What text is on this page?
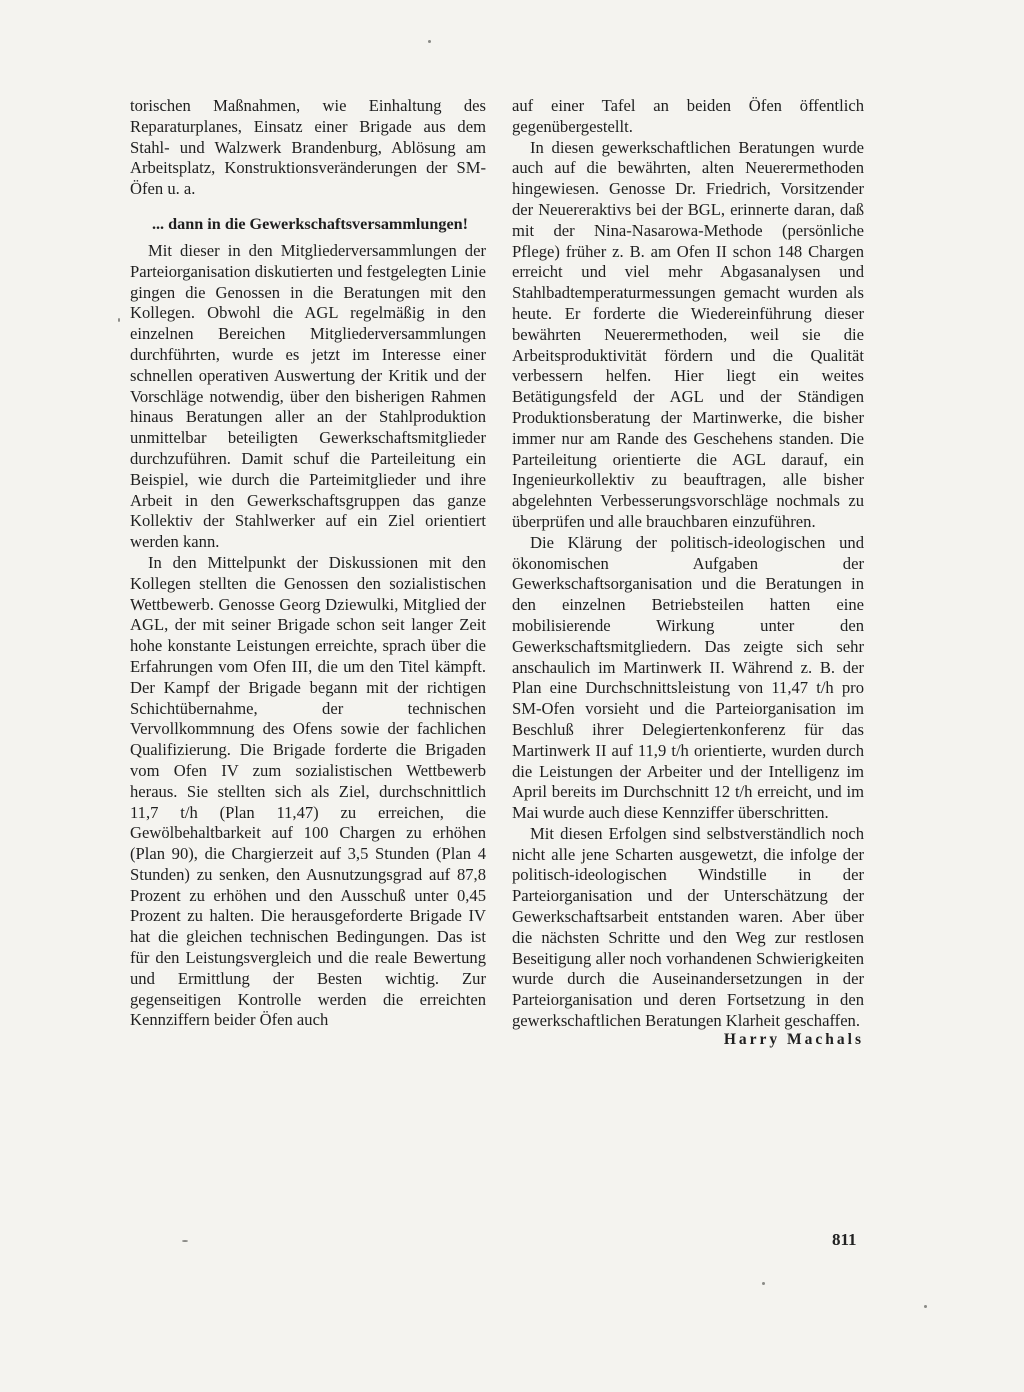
torischen Maßnahmen, wie Einhaltung des Reparaturplanes, Einsatz einer Brigade aus dem Stahl- und Walzwerk Brandenburg, Ablösung am Arbeitsplatz, Konstruktionsveränderungen der SM-Öfen u. a.

... dann in die Gewerkschaftsversammlungen!

Mit dieser in den Mitgliederversammlungen der Parteiorganisation diskutierten und festgelegten Linie gingen die Genossen in die Beratungen mit den Kollegen. Obwohl die AGL regelmäßig in den einzelnen Bereichen Mitgliederversammlungen durchführten, wurde es jetzt im Interesse einer schnellen operativen Auswertung der Kritik und der Vorschläge notwendig, über den bisherigen Rahmen hinaus Beratungen aller an der Stahlproduktion unmittelbar beteiligten Gewerkschaftsmitglieder durchzuführen. Damit schuf die Parteileitung ein Beispiel, wie durch die Parteimitglieder und ihre Arbeit in den Gewerkschaftsgruppen das ganze Kollektiv der Stahlwerker auf ein Ziel orientiert werden kann.

In den Mittelpunkt der Diskussionen mit den Kollegen stellten die Genossen den sozialistischen Wettbewerb. Genosse Georg Dziewulki, Mitglied der AGL, der mit seiner Brigade schon seit langer Zeit hohe konstante Leistungen erreichte, sprach über die Erfahrungen vom Ofen III, die um den Titel kämpft. Der Kampf der Brigade begann mit der richtigen Schichtübernahme, der technischen Vervollkommnung des Ofens sowie der fachlichen Qualifizierung. Die Brigade forderte die Brigaden vom Ofen IV zum sozialistischen Wettbewerb heraus. Sie stellten sich als Ziel, durchschnittlich 11,7 t/h (Plan 11,47) zu erreichen, die Gewölbehaltbarkeit auf 100 Chargen zu erhöhen (Plan 90), die Chargierzeit auf 3,5 Stunden (Plan 4 Stunden) zu senken, den Ausnutzungsgrad auf 87,8 Prozent zu erhöhen und den Ausschuß unter 0,45 Prozent zu halten. Die herausgeforderte Brigade IV hat die gleichen technischen Bedingungen. Das ist für den Leistungsvergleich und die reale Bewertung und Ermittlung der Besten wichtig. Zur gegenseitigen Kontrolle werden die erreichten Kennziffern beider Öfen auch

auf einer Tafel an beiden Öfen öffentlich gegenübergestellt.

In diesen gewerkschaftlichen Beratungen wurde auch auf die bewährten, alten Neuerermethoden hingewiesen. Genosse Dr. Friedrich, Vorsitzender der Neuereraktivs bei der BGL, erinnerte daran, daß mit der Nina-Nasarowa-Methode (persönliche Pflege) früher z. B. am Ofen II schon 148 Chargen erreicht und viel mehr Abgasanalysen und Stahlbadtemperaturmessungen gemacht wurden als heute. Er forderte die Wiedereinführung dieser bewährten Neuerermethoden, weil sie die Arbeitsproduktivität fördern und die Qualität verbessern helfen. Hier liegt ein weites Betätigungsfeld der AGL und der Ständigen Produktionsberatung der Martinwerke, die bisher immer nur am Rande des Geschehens standen. Die Parteileitung orientierte die AGL darauf, ein Ingenieurkollektiv zu beauftragen, alle bisher abgelehnten Verbesserungsvorschläge nochmals zu überprüfen und alle brauchbaren einzuführen.

Die Klärung der politisch-ideologischen und ökonomischen Aufgaben der Gewerkschaftsorganisation und die Beratungen in den einzelnen Betriebsteilen hatten eine mobilisierende Wirkung unter den Gewerkschaftsmitgliedern. Das zeigte sich sehr anschaulich im Martinwerk II. Während z. B. der Plan eine Durchschnittsleistung von 11,47 t/h pro SM-Ofen vorsieht und die Parteiorganisation im Beschluß ihrer Delegiertenkonferenz für das Martinwerk II auf 11,9 t/h orientierte, wurden durch die Leistungen der Arbeiter und der Intelligenz im April bereits im Durchschnitt 12 t/h erreicht, und im Mai wurde auch diese Kennziffer überschritten.

Mit diesen Erfolgen sind selbstverständlich noch nicht alle jene Scharten ausgewetzt, die infolge der politisch-ideologischen Windstille in der Parteiorganisation und der Unterschätzung der Gewerkschaftsarbeit entstanden waren. Aber über die nächsten Schritte und den Weg zur restlosen Beseitigung aller noch vorhandenen Schwierigkeiten wurde durch die Auseinandersetzungen in der Parteiorganisation und deren Fortsetzung in den gewerkschaftlichen Beratungen Klarheit geschaffen.

Harry Machals

811
